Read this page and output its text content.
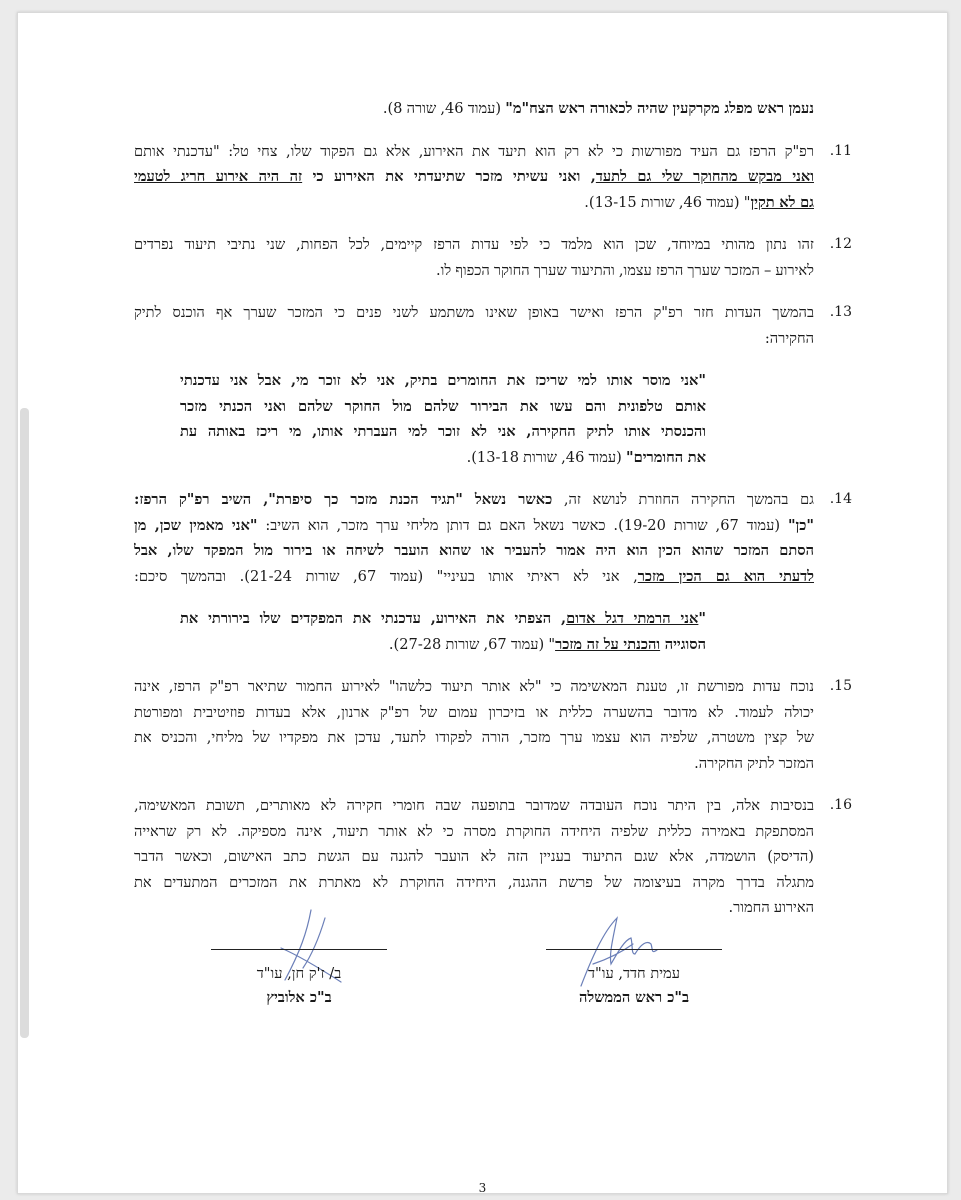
נעמן ראש מפלג מקרקעין שהיה לכאורה ראש הצח"מ" (עמוד 46, שורה 8).
.11
רפ"ק הרפז גם העיד מפורשות כי לא רק הוא תיעד את האירוע, אלא גם הפקוד שלו, צחי טל: "עדכנתי אותם
ואני מבקש מהחוקר שלי גם לתעד, ואני עשיתי מזכר שתיעדתי את האירוע כי זה היה אירוע חריג לטעמי
גם לא תקין" (עמוד 46, שורות 13-15).
.12
זהו נתון מהותי במיוחד, שכן הוא מלמד כי לפי עדות הרפז קיימים, לכל הפחות, שני נתיבי תיעוד נפרדים
לאירוע – המזכר שערך הרפז עצמו, והתיעוד שערך החוקר הכפוף לו.
.13
בהמשך העדות חזר רפ"ק הרפז ואישר באופן שאינו משתמע לשני פנים כי המזכר שערך אף הוכנס לתיק
החקירה:
"אני מוסר אותו למי שריכז את החומרים בתיק, אני לא זוכר מי, אבל אני עדכנתי
אותם טלפונית והם עשו את הבירור שלהם מול החוקר שלהם ואני הכנתי מזכר
והכנסתי אותו לתיק החקירה, אני לא זוכר למי העברתי אותו, מי ריכז באותה עת
את החומרים" (עמוד 46, שורות 13-18).
.14
גם בהמשך החקירה החוזרת לנושא זה, כאשר נשאל "תגיד הכנת מזכר כך סיפרת", השיב רפ"ק הרפז:
"כן" (עמוד 67, שורות 19-20). כאשר נשאל האם גם דותן מליחי ערך מזכר, הוא השיב: "אני מאמין שכן, מן
הסתם המזכר שהוא הכין הוא היה אמור להעביר או שהוא הועבר לשיחה או בירור מול המפקד שלו, אבל
לדעתי הוא גם הכין מזכר, אני לא ראיתי אותו בעיניי" (עמוד 67, שורות 21-24). ובהמשך סיכם:
"אני הרמתי דגל אדום, הצפתי את האירוע, עדכנתי את המפקדים שלו בירורתי את
הסוגייה והכנתי על זה מזכר" (עמוד 67, שורות 27-28).
.15
נוכח עדות מפורשת זו, טענת המאשימה כי "לא אותר תיעוד כלשהו" לאירוע החמור שתיאר רפ"ק הרפז, אינה
יכולה לעמוד. לא מדובר בהשערה כללית או בזיכרון עמום של רפ"ק ארנון, אלא בעדות פוזיטיבית ומפורטת
של קצין משטרה, שלפיה הוא עצמו ערך מזכר, הורה לפקודו לתעד, עדכן את מפקדיו של מליחי, והכניס את
המזכר לתיק החקירה.
.16
בנסיבות אלה, בין היתר נוכח העובדה שמדובר בתופעה שבה חומרי חקירה לא מאותרים, תשובת המאשימה,
המסתפקת באמירה כללית שלפיה היחידה החוקרת מסרה כי לא אותר תיעוד, אינה מספיקה. לא רק שראייה
(הדיסק) הושמדה, אלא שגם התיעוד בעניין הזה לא הועבר להגנה עם הגשת כתב האישום, וכאשר הדבר
מתגלה בדרך מקרה בעיצומה של פרשת ההגנה, היחידה החוקרת לא מאתרת את המזכרים המתעדים את
האירוע החמור.
ב/ ז'ק חן, עו"ד
ב"כ אלוביץ
עמית חדד, עו"ד
ב"כ ראש הממשלה
3
